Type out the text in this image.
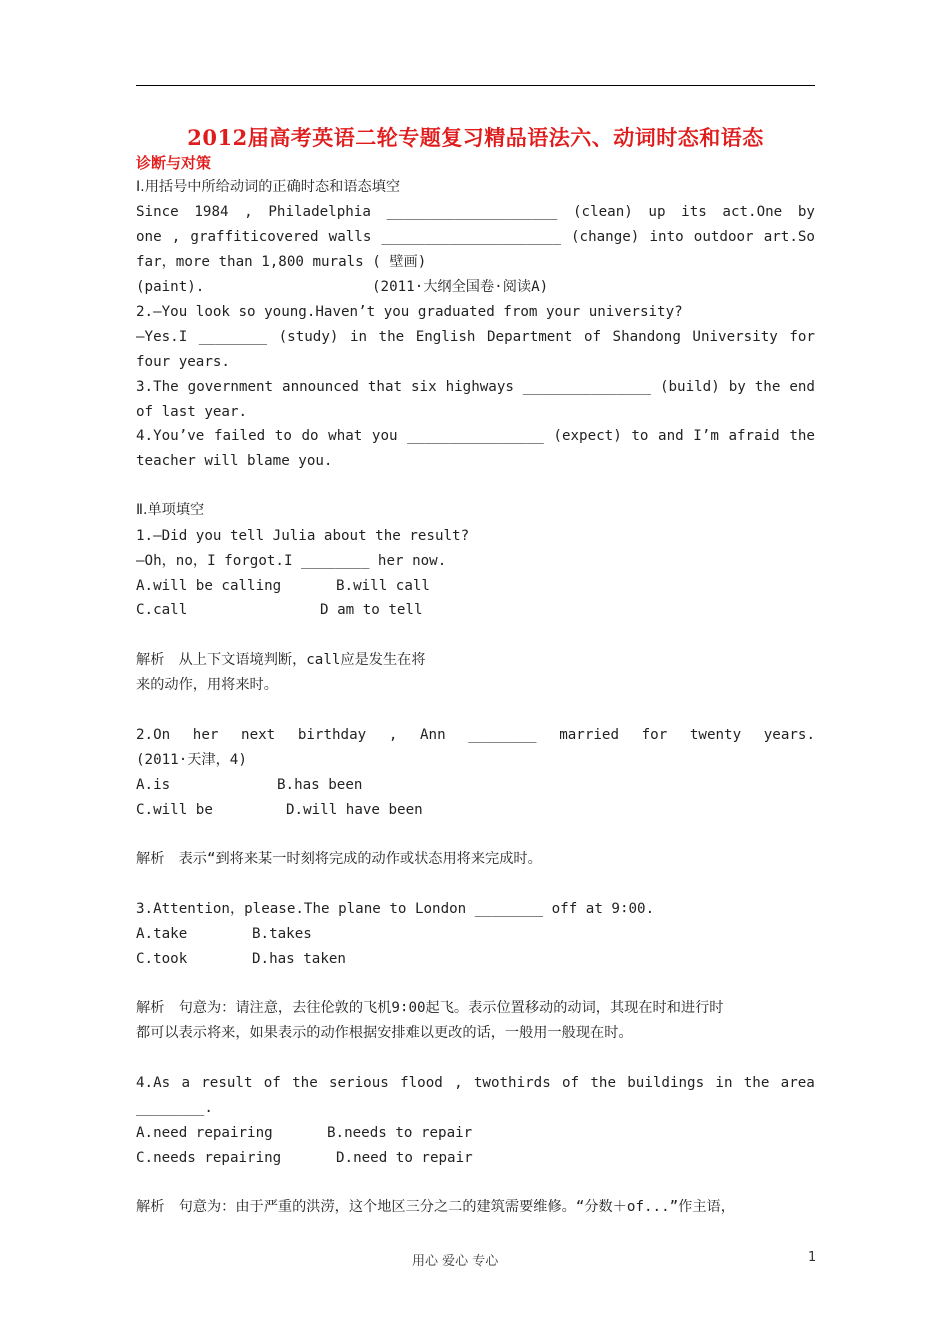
2012届高考英语二轮专题复习精品语法六、动词时态和语态
诊断与对策
Ⅰ.用括号中所给动词的正确时态和语态填空
Since 1984 , Philadelphia ____________________ (clean) up its act.One by
one , graffiticovered walls _____________________ (change) into outdoor art.So
far，more than 1,800 murals ( 壁画)
(paint).	(2011·大纲全国卷·阅读A)
2.—You look so young.Haven’t you graduated from your university?
—Yes.I ________ (study) in the English Department of Shandong University for
four years.
3.The government announced that six highways _______________ (build) by the end
of last year.
4.You’ve failed to do what you ________________ (expect) to and I’m afraid the
teacher will blame you.
Ⅱ.单项填空
1.—Did you tell Julia about the result?
—Oh，no，I forgot.I ________ her now.
A.will be calling	B.will call
C.call	D am to tell
解析　从上下文语境判断，call应是发生在将
来的动作，用将来时。
2.On her next birthday , Ann ________ married for twenty years.
(2011·天津，4)
A.is	B.has been
C.will be	D.will have been
解析　表示“到将来某一时刻将完成的动作或状态用将来完成时。
3.Attention，please.The plane to London ________ off at 9∶00.
A.take	B.takes
C.took	D.has taken
解析　句意为：请注意，去往伦敦的飞机9∶00起飞。表示位置移动的动词，其现在时和进行时
都可以表示将来，如果表示的动作根据安排难以更改的话，一般用一般现在时。
4.As a result of the serious flood , twothirds of the buildings in the area
________.
A.need repairing	B.needs to repair
C.needs repairing	D.need to repair
解析　句意为：由于严重的洪涝，这个地区三分之二的建筑需要维修。“分数＋of...”作主语，
用心 爱心 专心	1
